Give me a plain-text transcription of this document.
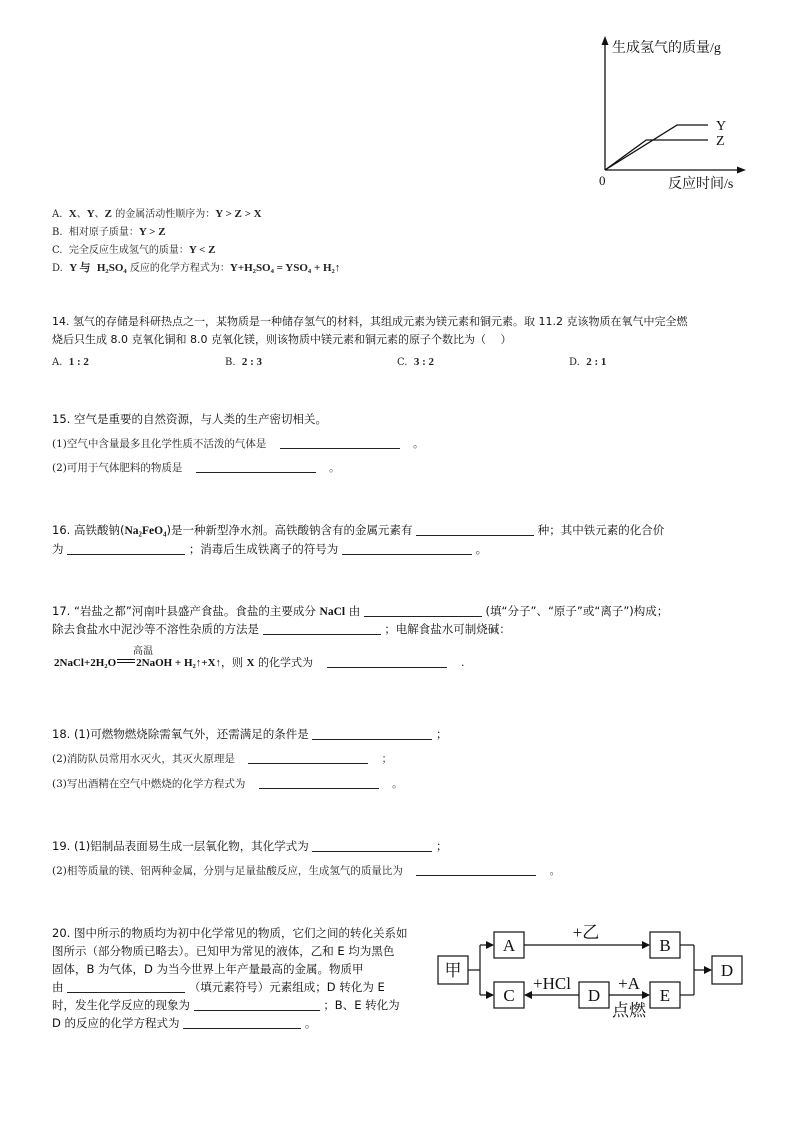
生成氢气的质量/g
0	反应时间/s
Y
Z
A. X、Y、Z 的金属活动性顺序为：Y > Z > X
B. 相对原子质量：Y > Z
C. 完全反应生成氢气的质量：Y < Z
D. Y 与 H₂SO₄ 反应的化学方程式为：Y+H₂SO₄ = YSO₄ + H₂↑
14. 氢气的存储是科研热点之一，某物质是一种储存氢气的材料，其组成元素为镁元素和铜元素。取 11.2 克该物质在氧气中完全燃
烧后只生成 8.0 克氧化铜和 8.0 克氧化镁，则该物质中镁元素和铜元素的原子个数比为（　 ）
A. 1 : 2	B. 2 : 3	C. 3 : 2	D. 2 : 1
15. 空气是重要的自然资源，与人类的生产密切相关。
(1)空气中含量最多且化学性质不活泼的气体是	。
(2)可用于气体肥料的物质是	。
16. 高铁酸钠(Na₂FeO₄)是一种新型净水剂。高铁酸钠含有的金属元素有	种；其中铁元素的化合价
为	；消毒后生成铁离子的符号为	。
17. “岩盐之都”河南叶县盛产食盐。食盐的主要成分 NaCl 由	(填“分子”、“原子”或“离子”)构成；
除去食盐水中泥沙等不溶性杂质的方法是	；电解食盐水可制烧碱：
高温
2NaCl+2H₂O 2NaOH + H₂↑+X↑，则 X 的化学式为	.
18. (1)可燃物燃烧除需氧气外，还需满足的条件是	；
(2)消防队员常用水灭火，其灭火原理是	；
(3)写出酒精在空气中燃烧的化学方程式为	。
19. (1)铝制品表面易生成一层氧化物，其化学式为	；
(2)相等质量的镁、铝两种金属，分别与足量盐酸反应，生成氢气的质量比为	。
20. 图中所示的物质均为初中化学常见的物质，它们之间的转化关系如
图所示（部分物质已略去）。已知甲为常见的液体，乙和 E 均为黑色
固体，B 为气体，D 为当今世界上年产量最高的金属。物质甲
由	（填元素符号）元素组成；D 转化为 E
时，发生化学反应的现象为	；B、E 转化为
D 的反应的化学方程式为	。
甲
A	B
C	D	E
D
+乙
+HCl	+A
点燃
